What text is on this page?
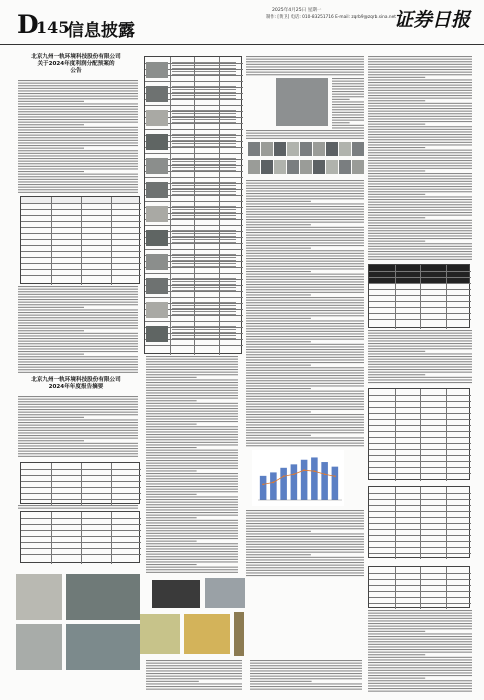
D
145
信息披露
2025年4月25日 星期一
制作: [黄卫] 电话: 010-83251716 E-mail: zqrb9@zqrb.sina.net
证券日报
北京九州一轨环境科技股份有限公司
关于2024年度利润分配预案的
公告
北京九州一轨环境科技股份有限公司
2024年年度报告摘要
